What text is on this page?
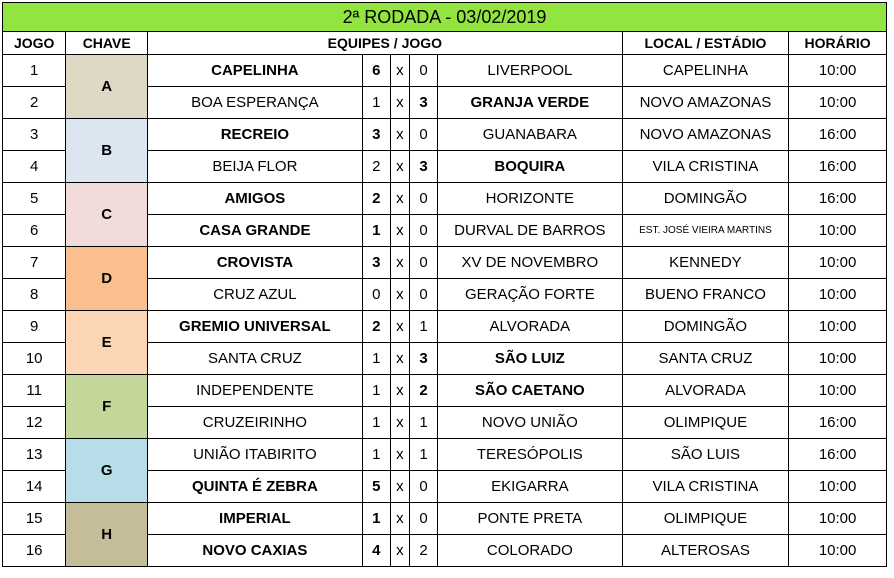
2ª RODADA - 03/02/2019								
JOGO	CHAVE	EQUIPES / JOGO					LOCAL / ESTÁDIO	HORÁRIO
1	A	CAPELINHA	6	x	0	LIVERPOOL	CAPELINHA	10:00
2		BOA ESPERANÇA	1	x	3	GRANJA VERDE	NOVO AMAZONAS	10:00
3	B	RECREIO	3	x	0	GUANABARA	NOVO AMAZONAS	16:00
4		BEIJA FLOR	2	x	3	BOQUIRA	VILA CRISTINA	16:00
5	C	AMIGOS	2	x	0	HORIZONTE	DOMINGÃO	16:00
6		CASA GRANDE	1	x	0	DURVAL DE BARROS	EST. JOSÉ VIEIRA MARTINS	10:00
7	D	CROVISTA	3	x	0	XV DE NOVEMBRO	KENNEDY	10:00
8		CRUZ AZUL	0	x	0	GERAÇÃO FORTE	BUENO FRANCO	10:00
9	E	GREMIO UNIVERSAL	2	x	1	ALVORADA	DOMINGÃO	10:00
10		SANTA CRUZ	1	x	3	SÃO LUIZ	SANTA CRUZ	10:00
11	F	INDEPENDENTE	1	x	2	SÃO CAETANO	ALVORADA	10:00
12		CRUZEIRINHO	1	x	1	NOVO UNIÃO	OLIMPIQUE	16:00
13	G	UNIÃO ITABIRITO	1	x	1	TERESÓPOLIS	SÃO LUIS	16:00
14		QUINTA É ZEBRA	5	x	0	EKIGARRA	VILA CRISTINA	10:00
15	H	IMPERIAL	1	x	0	PONTE PRETA	OLIMPIQUE	10:00
16		NOVO CAXIAS	4	x	2	COLORADO	ALTEROSAS	10:00
